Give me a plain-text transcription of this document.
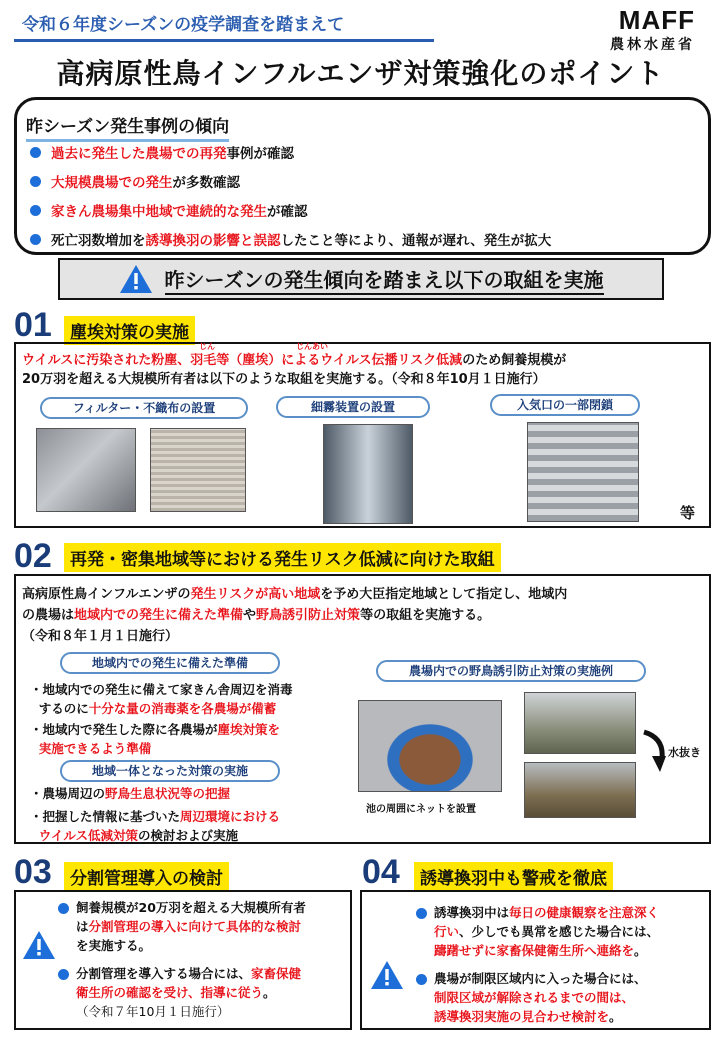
令和６年度シーズンの疫学調査を踏まえて	MAFF
農林水産省
高病原性鳥インフルエンザ対策強化のポイント
昨シーズン発生事例の傾向
過去に発生した農場での再発事例が確認
大規模農場での発生が多数確認
家きん農場集中地域で連続的な発生が確認
死亡羽数増加を誘導換羽の影響と誤認したこと等により、通報が遅れ、発生が拡大
昨シーズンの発生傾向を踏まえ以下の取組を実施
01	塵埃対策の実施
じん	じんあい
ウイルスに汚染された粉塵、羽毛等（塵埃）によるウイルス伝播リスク低減のため飼養規模が
20万羽を超える大規模所有者は以下のような取組を実施する。（令和８年10月１日施行）
フィルター・不織布の設置	細霧装置の設置	入気口の一部閉鎖
等
02	再発・密集地域等における発生リスク低減に向けた取組
高病原性鳥インフルエンザの発生リスクが高い地域を予め大臣指定地域として指定し、地域内
の農場は地域内での発生に備えた準備や野鳥誘引防止対策等の取組を実施する。
（令和８年１月１日施行）
地域内での発生に備えた準備
・地域内での発生に備えて家きん舎周辺を消毒
するのに十分な量の消毒薬を各農場が備蓄
・地域内で発生した際に各農場が塵埃対策を
実施できるよう準備
地域一体となった対策の実施
・農場周辺の野鳥生息状況等の把握
・把握した情報に基づいた周辺環境における
ウイルス低減対策の検討および実施
農場内での野鳥誘引防止対策の実施例
池の周囲にネットを設置
水抜き
03	分割管理導入の検討
飼養規模が20万羽を超える大規模所有者
は分割管理の導入に向けて具体的な検討
を実施する。
分割管理を導入する場合には、家畜保健
衛生所の確認を受け、指導に従う。
（令和７年10月１日施行）
04	誘導換羽中も警戒を徹底
誘導換羽中は毎日の健康観察を注意深く
行い、少しでも異常を感じた場合には、
躊躇せずに家畜保健衛生所へ連絡を。
農場が制限区域内に入った場合には、
制限区域が解除されるまでの間は、
誘導換羽実施の見合わせ検討を。
